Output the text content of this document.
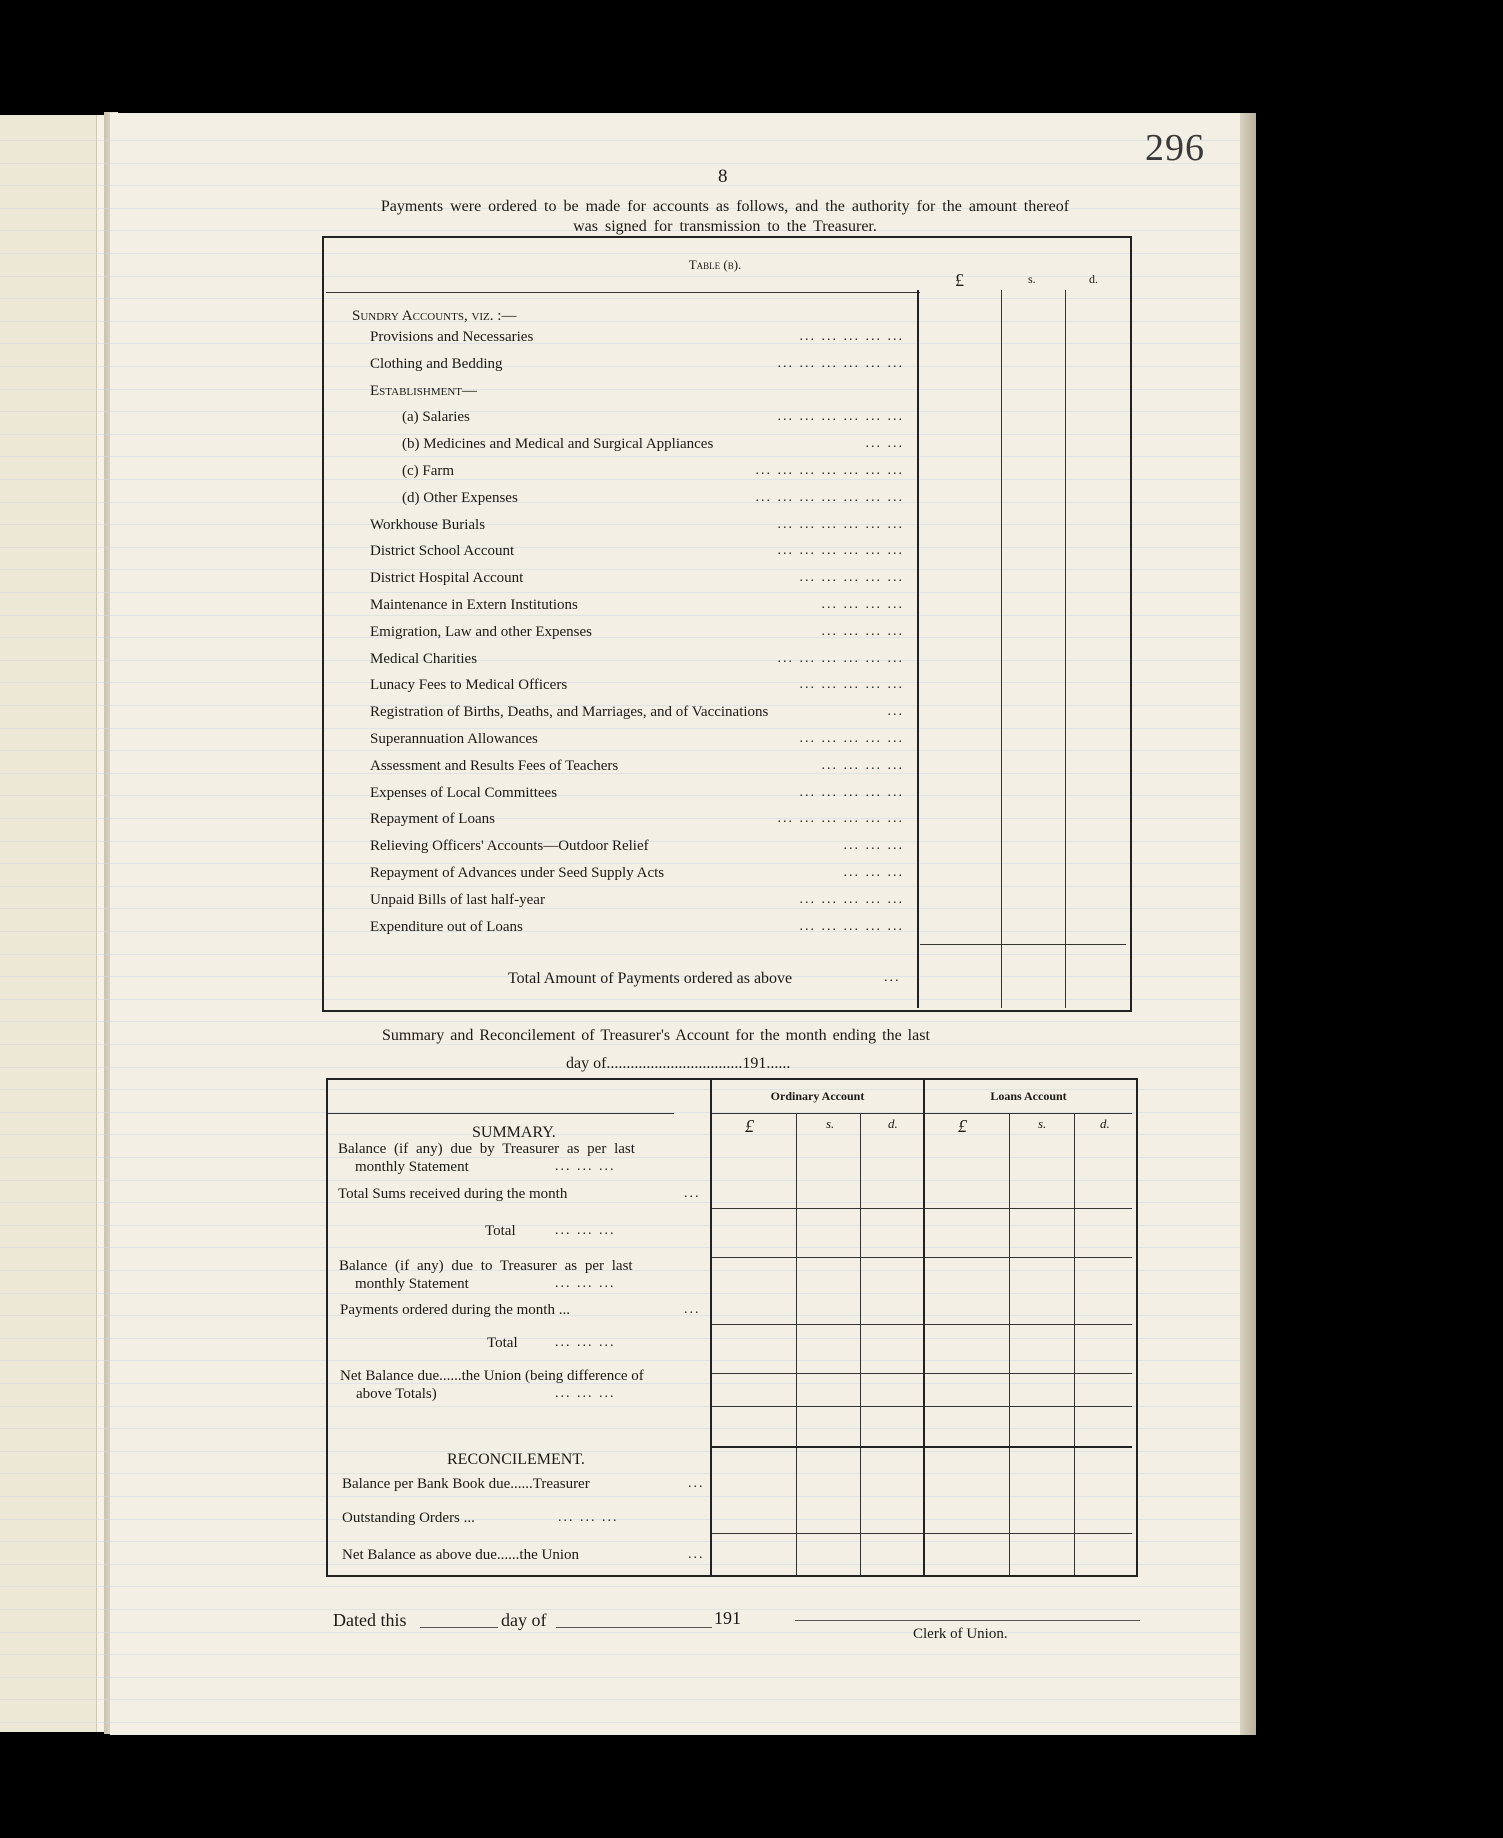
296
8
Payments were ordered to be made for accounts as follows, and the authority for the amount thereof was signed for transmission to the Treasurer.
Table (b).
£	s.	d.
Sundry Accounts, viz. :—
Provisions and Necessaries	... ... ... ... ...
Clothing and Bedding	... ... ... ... ... ...
Establishment—
(a) Salaries	... ... ... ... ... ...
(b) Medicines and Medical and Surgical Appliances	... ...
(c) Farm	... ... ... ... ... ... ...
(d) Other Expenses	... ... ... ... ... ... ...
Workhouse Burials	... ... ... ... ... ...
District School Account	... ... ... ... ... ...
District Hospital Account	... ... ... ... ...
Maintenance in Extern Institutions	... ... ... ...
Emigration, Law and other Expenses	... ... ... ...
Medical Charities	... ... ... ... ... ...
Lunacy Fees to Medical Officers	... ... ... ... ...
Registration of Births, Deaths, and Marriages, and of Vaccinations	...
Superannuation Allowances	... ... ... ... ...
Assessment and Results Fees of Teachers	... ... ... ...
Expenses of Local Committees	... ... ... ... ...
Repayment of Loans	... ... ... ... ... ...
Relieving Officers' Accounts—Outdoor Relief	... ... ...
Repayment of Advances under Seed Supply Acts	... ... ...
Unpaid Bills of last half-year	... ... ... ... ...
Expenditure out of Loans	... ... ... ... ...
Total Amount of Payments ordered as above	...
Summary and Reconcilement of Treasurer's Account for the month ending the last
day of..................................191......
Ordinary Account	Loans Account
£	s.	d.	£	s.	d.
SUMMARY.
Balance (if any) due by Treasurer as per last
monthly Statement	... ... ...
Total Sums received during the month	...
Total	... ... ...
Balance (if any) due to Treasurer as per last
monthly Statement	... ... ...
Payments ordered during the month ...	...
Total	... ... ...
Net Balance due......the Union (being difference of
above Totals)	... ... ...
RECONCILEMENT.
Balance per Bank Book due......Treasurer	...
Outstanding Orders ...	... ... ...
Net Balance as above due......the Union	...
Dated this	day of	191
Clerk of Union.
